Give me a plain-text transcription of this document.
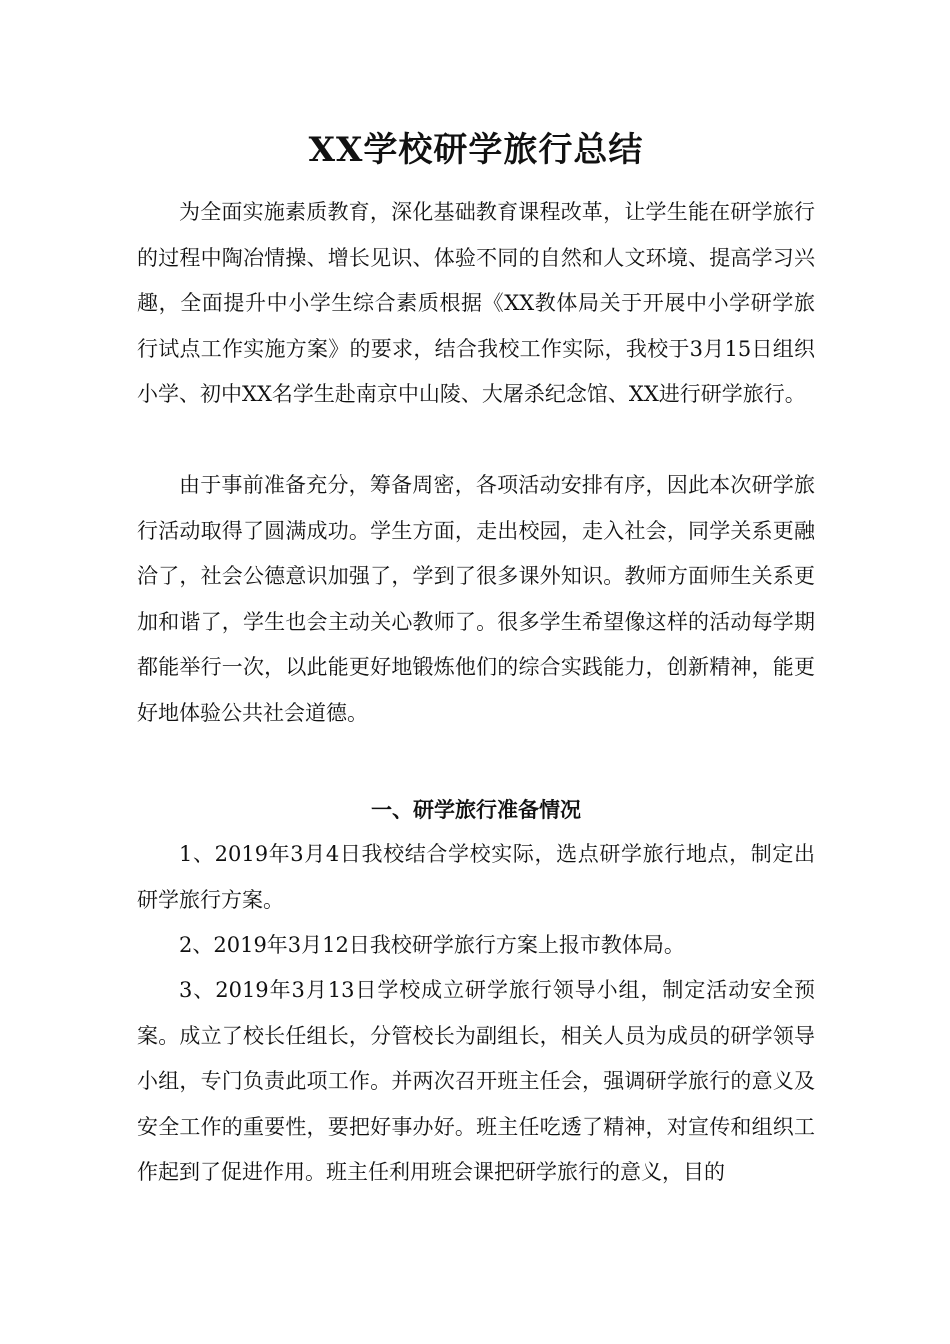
XX学校研学旅行总结

为全面实施素质教育，深化基础教育课程改革，让学生能在研学旅行的过程中陶冶情操、增长见识、体验不同的自然和人文环境、提高学习兴趣，全面提升中小学生综合素质根据《XX教体局关于开展中小学研学旅行试点工作实施方案》的要求，结合我校工作实际，我校于3月15日组织小学、初中XX名学生赴南京中山陵、大屠杀纪念馆、XX进行研学旅行。

由于事前准备充分，筹备周密，各项活动安排有序，因此本次研学旅行活动取得了圆满成功。学生方面，走出校园，走入社会，同学关系更融洽了，社会公德意识加强了，学到了很多课外知识。教师方面师生关系更加和谐了，学生也会主动关心教师了。很多学生希望像这样的活动每学期都能举行一次，以此能更好地锻炼他们的综合实践能力，创新精神，能更好地体验公共社会道德。

一、研学旅行准备情况

1、2019年3月4日我校结合学校实际，选点研学旅行地点，制定出研学旅行方案。

2、2019年3月12日我校研学旅行方案上报市教体局。

3、2019年3月13日学校成立研学旅行领导小组，制定活动安全预案。成立了校长任组长，分管校长为副组长，相关人员为成员的研学领导小组，专门负责此项工作。并两次召开班主任会，强调研学旅行的意义及安全工作的重要性，要把好事办好。班主任吃透了精神，对宣传和组织工作起到了促进作用。班主任利用班会课把研学旅行的意义，目的
